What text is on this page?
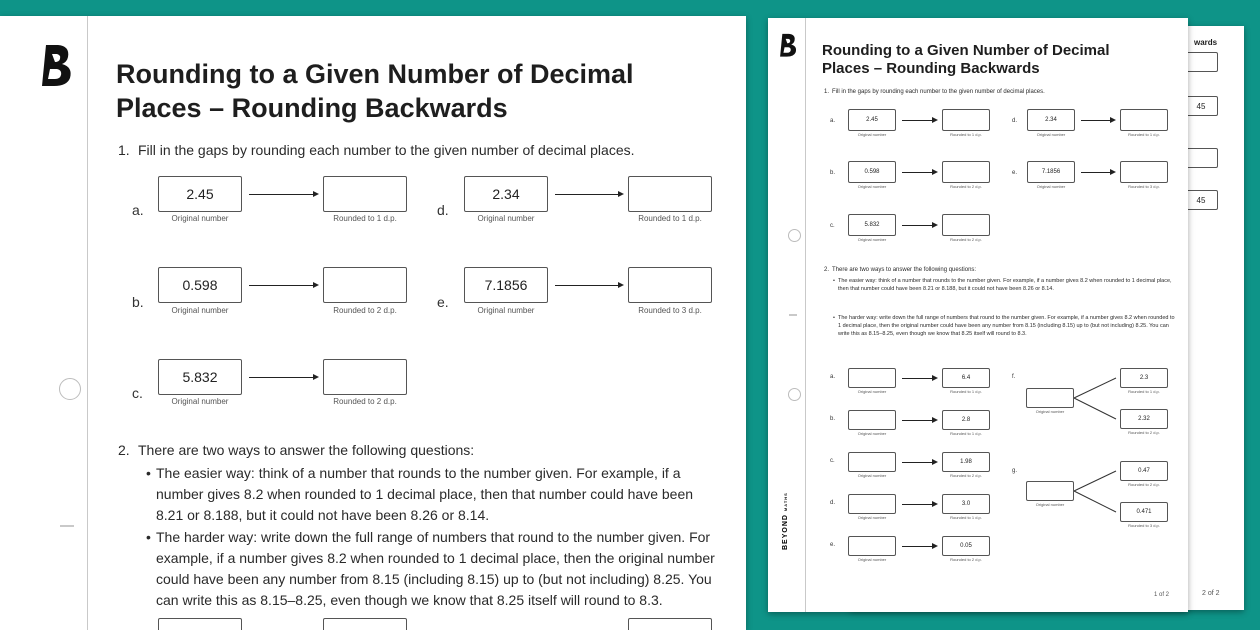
Rounding to a Given Number of Decimal
Places – Rounding Backwards
1. Fill in the gaps by rounding each number to the given number of decimal places.
a.
2.45
Original number	Rounded to 1 d.p.
d.
2.34
Original number	Rounded to 1 d.p.
b.
0.598
Original number	Rounded to 2 d.p.
e.
7.1856
Original number	Rounded to 3 d.p.
c.
5.832
Original number	Rounded to 2 d.p.
2. There are two ways to answer the following questions:
• The easier way: think of a number that rounds to the number given. For example, if a
number gives 8.2 when rounded to 1 decimal place, then that number could have been
8.21 or 8.188, but it could not have been 8.26 or 8.14.
• The harder way: write down the full range of numbers that round to the number given. For
example, if a number gives 8.2 when rounded to 1 decimal place, then the original number
could have been any number from 8.15 (including 8.15) up to (but not including) 8.25. You
can write this as 8.15–8.25, even though we know that 8.25 itself will round to 8.3.
wards
45
45
2 of 2
BEYOND MATHS
Rounding to a Given Number of Decimal
Places – Rounding Backwards
1. Fill in the gaps by rounding each number to the given number of decimal places.
a.	2.45
Original number	Rounded to 1 d.p.
d.	2.34
Original number	Rounded to 1 d.p.
b.	0.598
Original number	Rounded to 2 d.p.
e.	7.1856
Original number	Rounded to 3 d.p.
c.	5.832
Original number	Rounded to 2 d.p.
2. There are two ways to answer the following questions:
• The easier way: think of a number that rounds to the number given. For example, if a number gives 8.2 when rounded to 1 decimal place, then that number could have been 8.21 or 8.188, but it could not have been 8.26 or 8.14.
• The harder way: write down the full range of numbers that round to the number given. For example, if a number gives 8.2 when rounded to 1 decimal place, then the original number could have been any number from 8.15 (including 8.15) up to (but not including) 8.25. You can write this as 8.15–8.25, even though we know that 8.25 itself will round to 8.3.
a.
Original number
6.4
Rounded to 1 d.p.
b.
Original number
2.8
Rounded to 1 d.p.
c.
Original number
1.98
Rounded to 2 d.p.
d.
Original number
3.0
Rounded to 1 d.p.
e.
Original number
0.05
Rounded to 2 d.p.
f.
Original number
2.3
Rounded to 1 d.p.
2.32
Rounded to 2 d.p.
g.
Original number
0.47
Rounded to 2 d.p.
0.471
Rounded to 3 d.p.
1 of 2
